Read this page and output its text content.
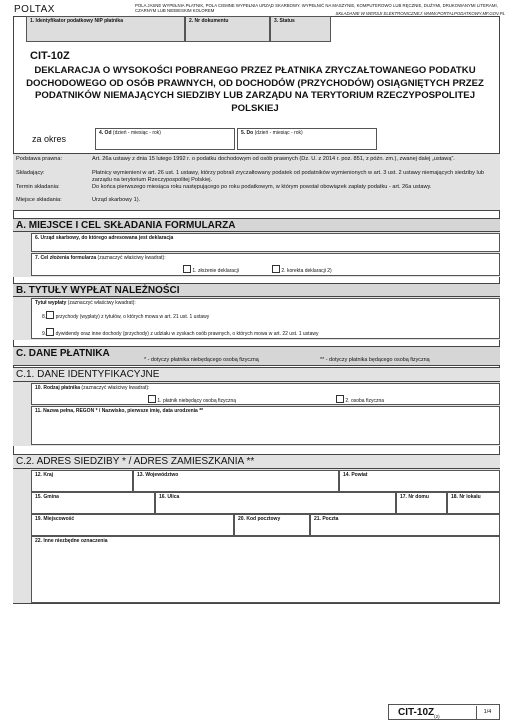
POLTAX	POLA JASNE WYPEŁNIA PŁATNIK, POLA CIEMNE WYPEŁNIA URZĄD SKARBOWY. WYPEŁNIĆ NA MASZYNIE, KOMPUTEROWO LUB RĘCZNIE, DUŻYMI, DRUKOWANYMI LITERAMI, CZARNYM LUB NIEBIESKIM KOLOREM
SKŁADANIE W WERSJI ELEKTRONICZNEJ: WWW.PORTALPODATKOWY.MF.GOV.PL
1. Identyfikator podatkowy NIP płatnika	2. Nr dokumentu	3. Status
CIT-10Z
DEKLARACJA O WYSOKOŚCI POBRANEGO PRZEZ PŁATNIKA ZRYCZAŁTOWANEGO PODATKU DOCHODOWEGO OD OSÓB PRAWNYCH, OD DOCHODÓW (PRZYCHODÓW) OSIĄGNIĘTYCH PRZEZ PODATNIKÓW NIEMAJĄCYCH SIEDZIBY LUB ZARZĄDU NA TERYTORIUM RZECZYPOSPOLITEJ POLSKIEJ
za okres
4. Od (dzień - miesiąc - rok)	5. Do (dzień - miesiąc - rok)
Podstawa prawna:	Art. 26a ustawy z dnia 15 lutego 1992 r. o podatku dochodowym od osób prawnych (Dz. U. z 2014 r. poz. 851, z późn. zm.), zwanej dalej „ustawą”.
Składający:	Płatnicy wymienieni w art. 26 ust. 1 ustawy, którzy pobrali zryczałtowany podatek od podatników wymienionych w art. 3 ust. 2 ustawy niemających siedziby lub zarządu na terytorium Rzeczypospolitej Polskiej.
Termin składania:	Do końca pierwszego miesiąca roku następującego po roku podatkowym, w którym powstał obowiązek zapłaty podatku - art. 26a ustawy.
Miejsce składania:	Urząd skarbowy 1).
A. MIEJSCE I CEL SKŁADANIA FORMULARZA
6. Urząd skarbowy, do którego adresowana jest deklaracja
7. Cel złożenia formularza (zaznaczyć właściwy kwadrat):
1. złożenie deklaracji	2. korekta deklaracji 2)
B. TYTUŁY WYPŁAT NALEŻNOŚCI
Tytuł wypłaty (zaznaczyć właściwy kwadrat):
8. przychody (wypłaty) z tytułów, o których mowa w art. 21 ust. 1 ustawy
9. dywidendy oraz inne dochody (przychody) z udziału w zyskach osób prawnych, o których mowa w art. 22 ust. 1 ustawy
C. DANE PŁATNIKA
* - dotyczy płatnika niebędącego osobą fizyczną	** - dotyczy płatnika będącego osobą fizyczną
C.1. DANE IDENTYFIKACYJNE
10. Rodzaj płatnika (zaznaczyć właściwy kwadrat):
1. płatnik niebędący osobą fizyczną	2. osoba fizyczna
11. Nazwa pełna, REGON * / Nazwisko, pierwsze imię, data urodzenia **
C.2. ADRES SIEDZIBY * / ADRES ZAMIESZKANIA **
12. Kraj	13. Województwo	14. Powiat
15. Gmina	16. Ulica	17. Nr domu	18. Nr lokalu
19. Miejscowość	20. Kod pocztowy	21. Poczta
22. Inne niezbędne oznaczenia
CIT-$10Z_{(2)}$
1/4
